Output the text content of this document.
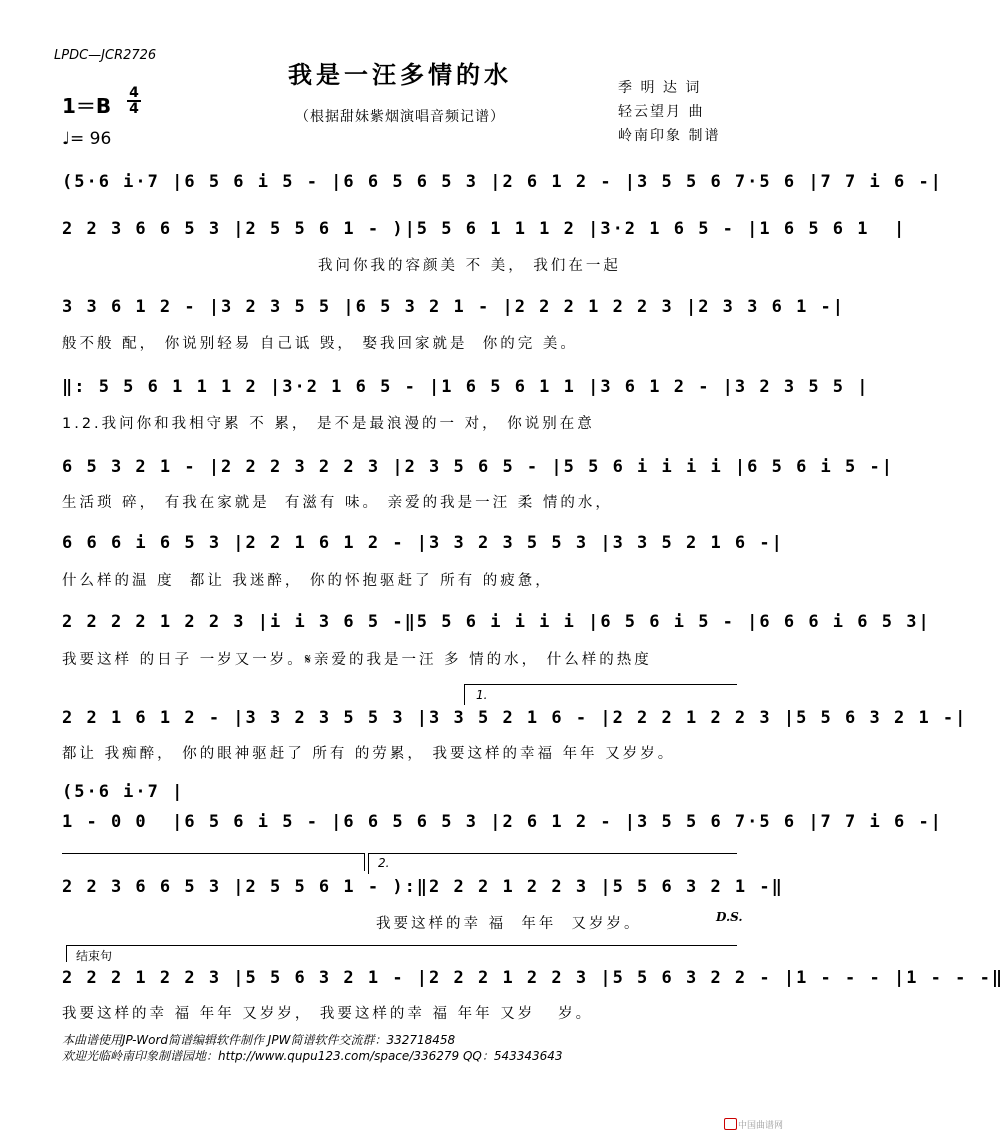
LPDC—JCR2726
我是一汪多情的水
（根据甜妹紫烟演唱音频记谱）
1＝B
4
4
♩= 96
季 明 达 词
轻云望月 曲
岭南印象 制谱
(5·6 i·7 |6 5 6 i 5 - |6 6 5 6 5 3 |2 6 1 2 - |3 5 5 6 7·5 6 |7 7 i 6 -|
2 2 3 6 6 5 3 |2 5 5 6 1 - )|5 5 6 1 1 1 2 |3·2 1 6 5 - |1 6 5 6 1  |
我问你我的容颜美 不 美， 我们在一起
3 3 6 1 2 - |3 2 3 5 5 |6 5 3 2 1 - |2 2 2 1 2 2 3 |2 3 3 6 1 -|
般不般 配， 你说别轻易 自己诋 毁， 娶我回家就是  你的完 美。
‖: 5 5 6 1 1 1 2 |3·2 1 6 5 - |1 6 5 6 1 1 |3 6 1 2 - |3 2 3 5 5 |
1.2.我问你和我相守累 不 累， 是不是最浪漫的一 对， 你说别在意
6 5 3 2 1 - |2 2 2 3 2 2 3 |2 3 5 6 5 - |5 5 6 i i i i |6 5 6 i 5 -|
生活琐 碎， 有我在家就是  有滋有 味。 亲爱的我是一汪 柔 情的水，
6 6 6 i 6 5 3 |2 2 1 6 1 2 - |3 3 2 3 5 5 3 |3 3 5 2 1 6 -|
什么样的温 度  都让 我迷醉， 你的怀抱驱赶了 所有 的疲惫，
2 2 2 2 1 2 2 3 |i i 3 6 5 -‖5 5 6 i i i i |6 5 6 i 5 - |6 6 6 i 6 5 3|
我要这样 的日子 一岁又一岁。𝄋亲爱的我是一汪 多 情的水， 什么样的热度
1.
2 2 1 6 1 2 - |3 3 2 3 5 5 3 |3 3 5 2 1 6 - |2 2 2 1 2 2 3 |5 5 6 3 2 1 -|
都让 我痴醉， 你的眼神驱赶了 所有 的劳累， 我要这样的幸福 年年 又岁岁。
(5·6 i·7 |
1 - 0 0  |6 5 6 i 5 - |6 6 5 6 5 3 |2 6 1 2 - |3 5 5 6 7·5 6 |7 7 i 6 -|
2.
2 2 3 6 6 5 3 |2 5 5 6 1 - ):‖2 2 2 1 2 2 3 |5 5 6 3 2 1 -‖
我要这样的幸 福  年年  又岁岁。	D.S.
结束句
2 2 2 1 2 2 3 |5 5 6 3 2 1 - |2 2 2 1 2 2 3 |5 5 6 3 2 2 - |1 - - - |1 - - -‖
我要这样的幸 福 年年 又岁岁， 我要这样的幸 福 年年 又岁   岁。
本曲谱使用JP-Word简谱编辑软件制作 JPW简谱软件交流群：332718458
欢迎光临岭南印象制谱园地：http://www.qupu123.com/space/336279 QQ：543343643
中国曲谱网
